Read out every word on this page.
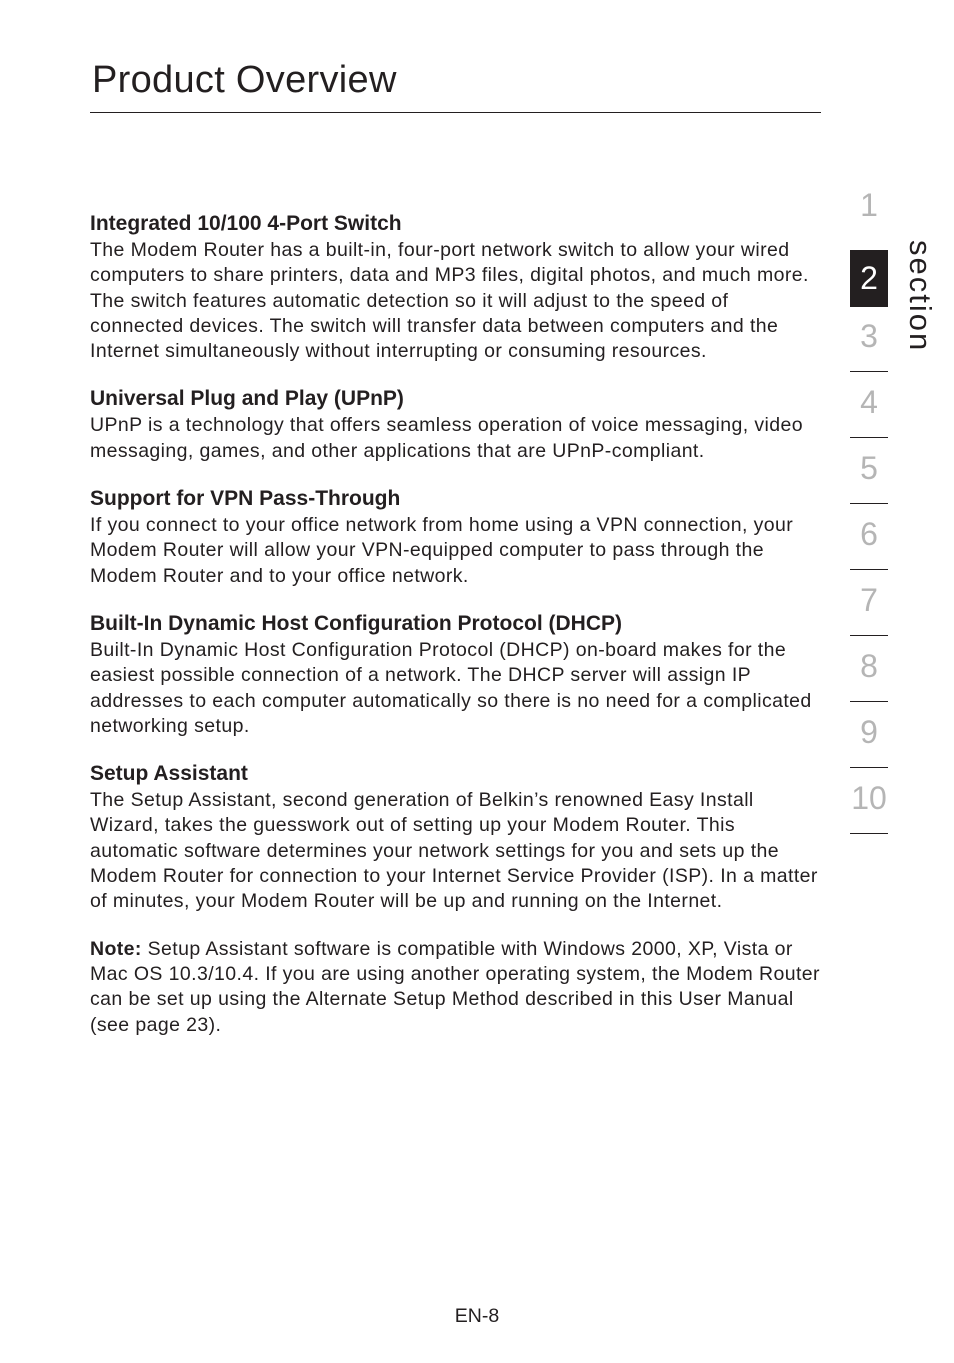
Product Overview
Integrated 10/100 4-Port Switch

The Modem Router has a built-in, four-port network switch to allow your wired computers to share printers, data and MP3 files, digital photos, and much more. The switch features automatic detection so it will adjust to the speed of connected devices. The switch will transfer data between computers and the Internet simultaneously without interrupting or consuming resources.

Universal Plug and Play (UPnP)

UPnP is a technology that offers seamless operation of voice messaging, video messaging, games, and other applications that are UPnP-compliant.

Support for VPN Pass-Through

If you connect to your office network from home using a VPN connection, your Modem Router will allow your VPN-equipped computer to pass through the Modem Router and to your office network.

Built-In Dynamic Host Configuration Protocol (DHCP)

Built-In Dynamic Host Configuration Protocol (DHCP) on-board makes for the easiest possible connection of a network. The DHCP server will assign IP addresses to each computer automatically so there is no need for a complicated networking setup.

Setup Assistant

The Setup Assistant, second generation of Belkin’s renowned Easy Install Wizard, takes the guesswork out of setting up your Modem Router. This automatic software determines your network settings for you and sets up the Modem Router for connection to your Internet Service Provider (ISP). In a matter of minutes, your Modem Router will be up and running on the Internet.

Note: Setup Assistant software is compatible with Windows 2000, XP, Vista or Mac OS 10.3/10.4. If you are using another operating system, the Modem Router can be set up using the Alternate Setup Method described in this User Manual (see page 23).
1
2
3
4
5
6
7
8
9
10
section
EN-8
